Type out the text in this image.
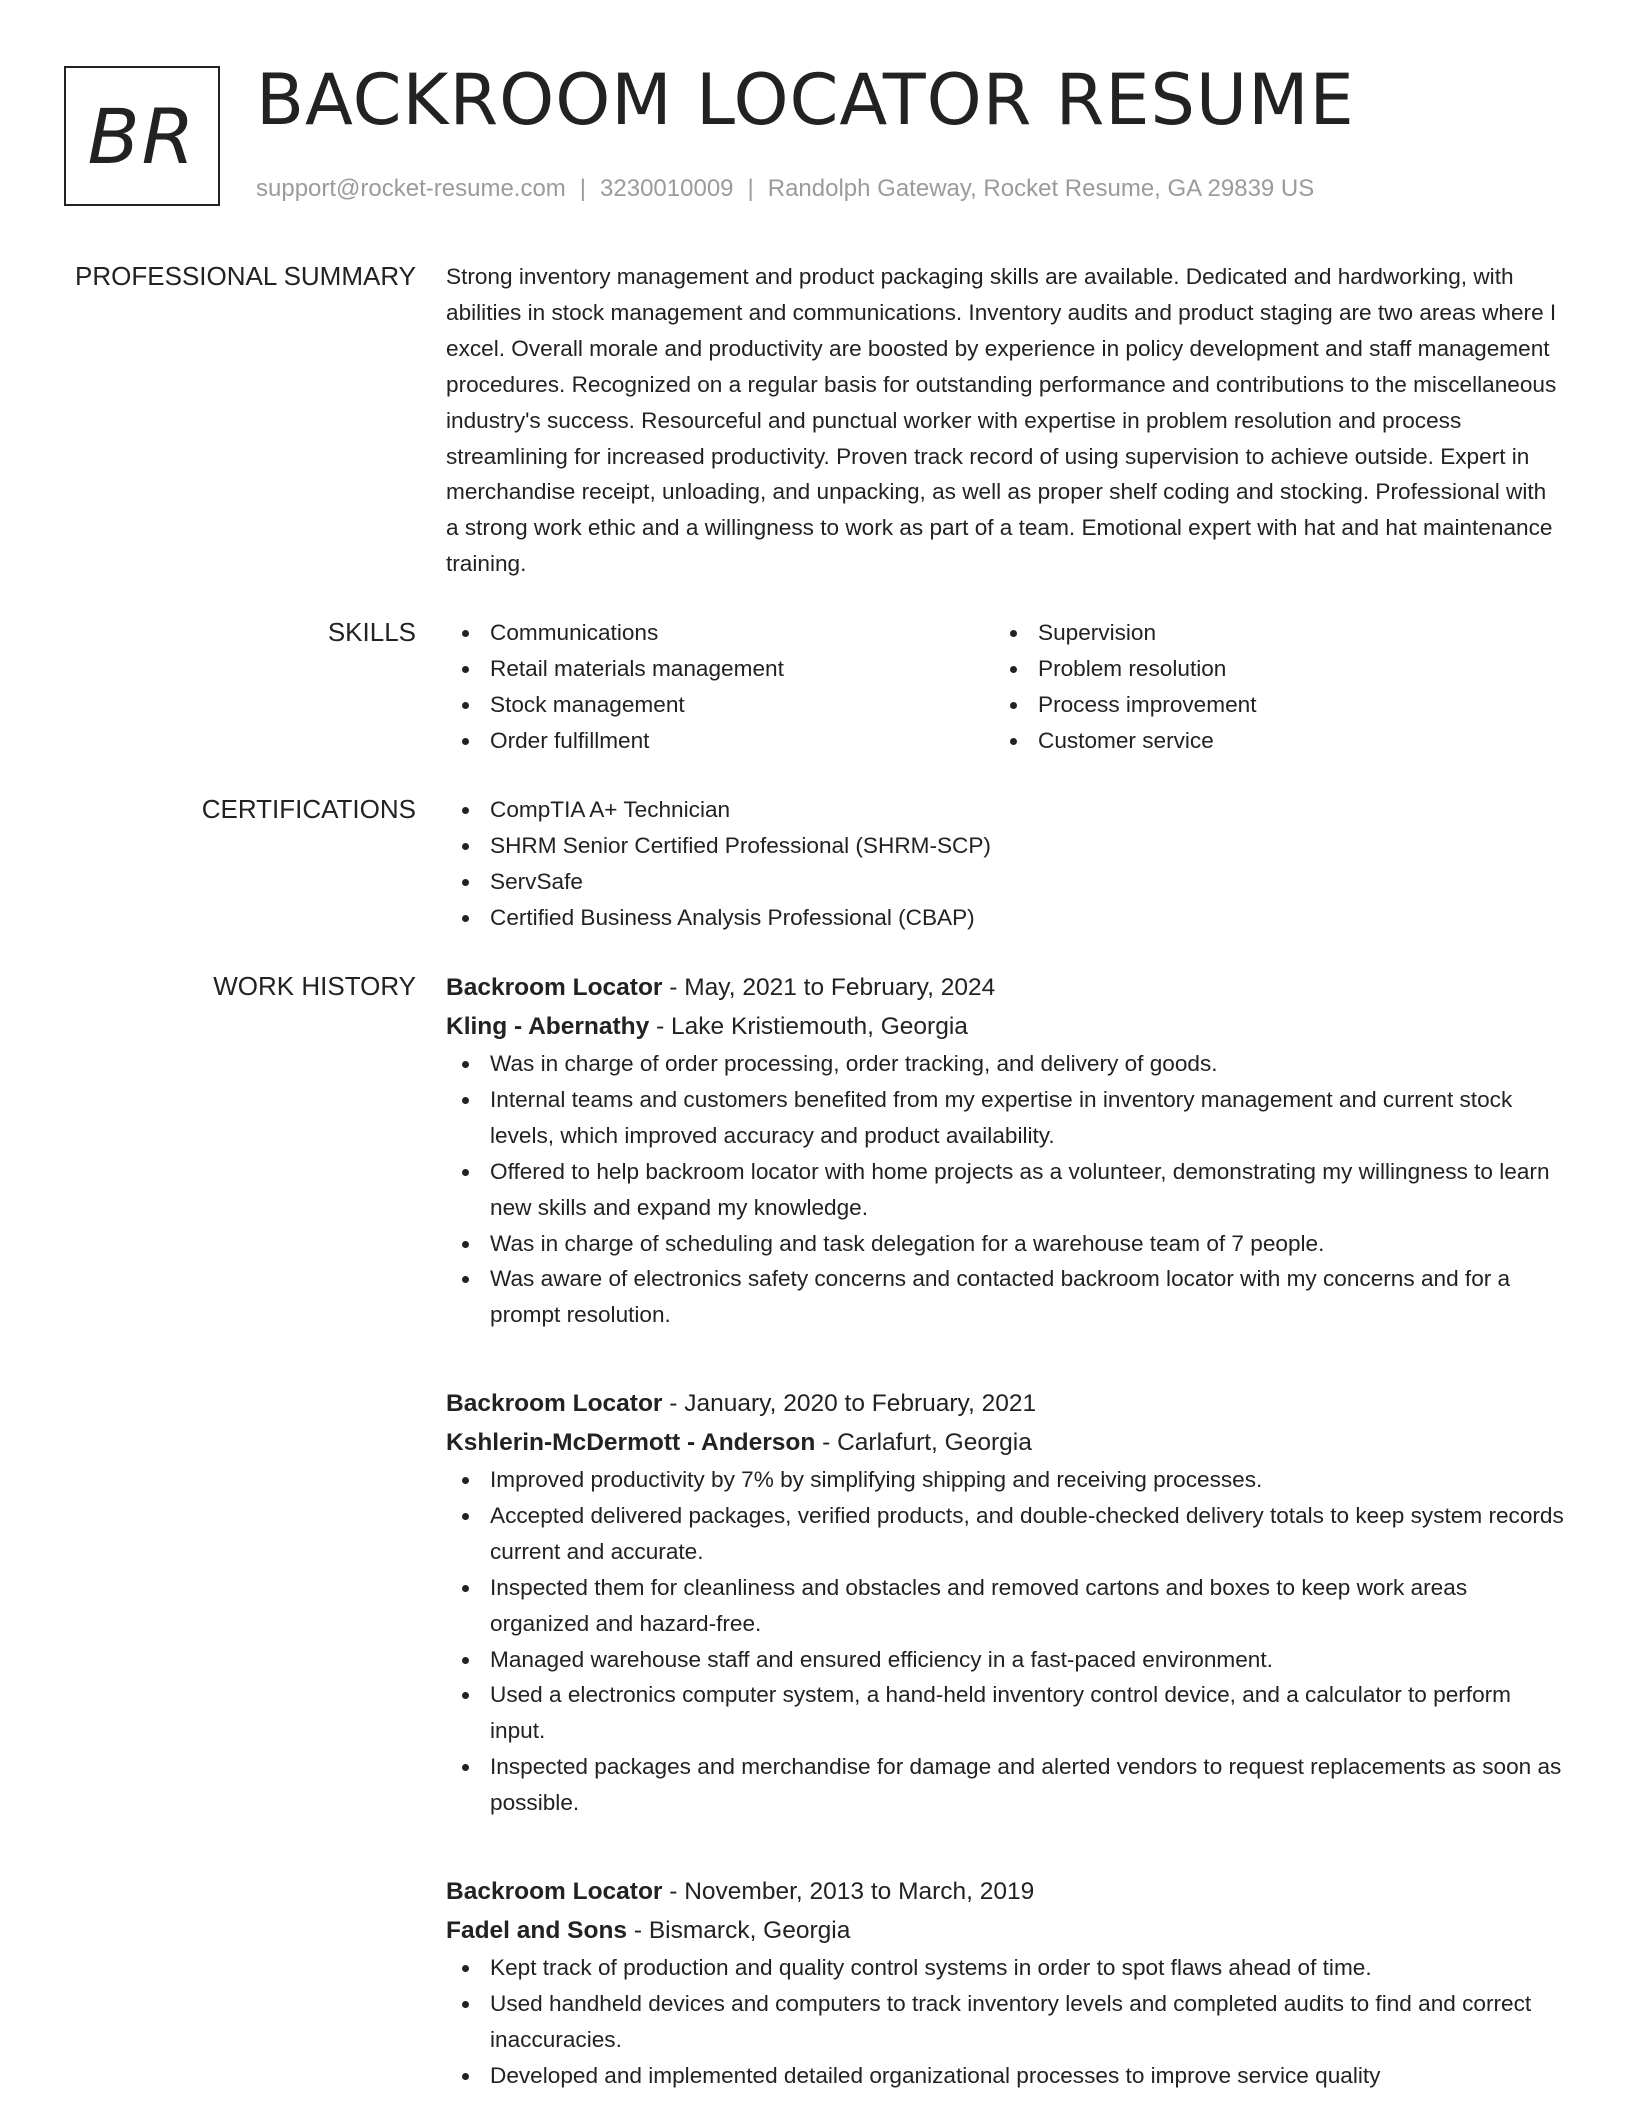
BR BACKROOM LOCATOR RESUME
support@rocket-resume.com | 3230010009 | Randolph Gateway, Rocket Resume, GA 29839 US
PROFESSIONAL SUMMARY Strong inventory management and product packaging skills are available. Dedicated and hardworking, with abilities in stock management and communications. Inventory audits and product staging are two areas where I excel. Overall morale and productivity are boosted by experience in policy development and staff management procedures. Recognized on a regular basis for outstanding performance and contributions to the miscellaneous industry's success. Resourceful and punctual worker with expertise in problem resolution and process streamlining for increased productivity. Proven track record of using supervision to achieve outside. Expert in merchandise receipt, unloading, and unpacking, as well as proper shelf coding and stocking. Professional with a strong work ethic and a willingness to work as part of a team. Emotional expert with hat and hat maintenance training.

SKILLS	Communications
Retail materials management
Stock management
Order fulfillment
Supervision
Problem resolution
Process improvement
Customer service
CERTIFICATIONS	CompTIA A+ Technician
SHRM Senior Certified Professional (SHRM-SCP)
ServSafe
Certified Business Analysis Professional (CBAP)
WORK HISTORY Backroom Locator - May, 2021 to February, 2024
Kling - Abernathy - Lake Kristiemouth, Georgia
Was in charge of order processing, order tracking, and delivery of goods.
Internal teams and customers benefited from my expertise in inventory management and current stock levels, which improved accuracy and product availability.
Offered to help backroom locator with home projects as a volunteer, demonstrating my willingness to learn new skills and expand my knowledge.
Was in charge of scheduling and task delegation for a warehouse team of 7 people.
Was aware of electronics safety concerns and contacted backroom locator with my concerns and for a prompt resolution.
Backroom Locator - January, 2020 to February, 2021
Kshlerin-McDermott - Anderson - Carlafurt, Georgia
Improved productivity by 7% by simplifying shipping and receiving processes.
Accepted delivered packages, verified products, and double-checked delivery totals to keep system records current and accurate.
Inspected them for cleanliness and obstacles and removed cartons and boxes to keep work areas organized and hazard-free.
Managed warehouse staff and ensured efficiency in a fast-paced environment.
Used a electronics computer system, a hand-held inventory control device, and a calculator to perform input.
Inspected packages and merchandise for damage and alerted vendors to request replacements as soon as possible.
Backroom Locator - November, 2013 to March, 2019
Fadel and Sons - Bismarck, Georgia
Kept track of production and quality control systems in order to spot flaws ahead of time.
Used handheld devices and computers to track inventory levels and completed audits to find and correct inaccuracies.
Developed and implemented detailed organizational processes to improve service quality
